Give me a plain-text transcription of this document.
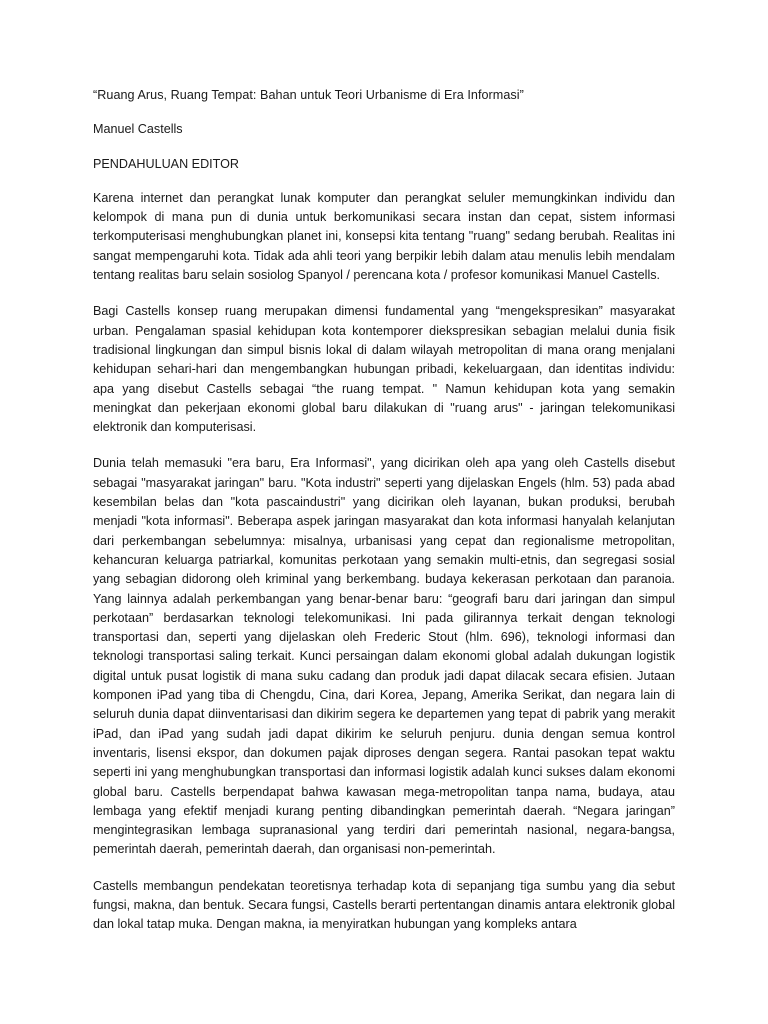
“Ruang Arus, Ruang Tempat: Bahan untuk Teori Urbanisme di Era Informasi”
Manuel Castells
PENDAHULUAN EDITOR

Karena internet dan perangkat lunak komputer dan perangkat seluler memungkinkan individu dan kelompok di mana pun di dunia untuk berkomunikasi secara instan dan cepat, sistem informasi terkomputerisasi menghubungkan planet ini, konsepsi kita tentang "ruang" sedang berubah. Realitas ini sangat mempengaruhi kota. Tidak ada ahli teori yang berpikir lebih dalam atau menulis lebih mendalam tentang realitas baru selain sosiolog Spanyol / perencana kota / profesor komunikasi Manuel Castells.

Bagi Castells konsep ruang merupakan dimensi fundamental yang “mengekspresikan” masyarakat urban. Pengalaman spasial kehidupan kota kontemporer diekspresikan sebagian melalui dunia fisik tradisional lingkungan dan simpul bisnis lokal di dalam wilayah metropolitan di mana orang menjalani kehidupan sehari-hari dan mengembangkan hubungan pribadi, kekeluargaan, dan identitas individu: apa yang disebut Castells sebagai “the ruang tempat. " Namun kehidupan kota yang semakin meningkat dan pekerjaan ekonomi global baru dilakukan di "ruang arus" - jaringan telekomunikasi elektronik dan komputerisasi.

Dunia telah memasuki "era baru, Era Informasi", yang dicirikan oleh apa yang oleh Castells disebut sebagai "masyarakat jaringan" baru. "Kota industri" seperti yang dijelaskan Engels (hlm. 53) pada abad kesembilan belas dan "kota pascaindustri" yang dicirikan oleh layanan, bukan produksi, berubah menjadi "kota informasi". Beberapa aspek jaringan masyarakat dan kota informasi hanyalah kelanjutan dari perkembangan sebelumnya: misalnya, urbanisasi yang cepat dan regionalisme metropolitan, kehancuran keluarga patriarkal, komunitas perkotaan yang semakin multi-etnis, dan segregasi sosial yang sebagian didorong oleh kriminal yang berkembang. budaya kekerasan perkotaan dan paranoia. Yang lainnya adalah perkembangan yang benar-benar baru: “geografi baru dari jaringan dan simpul perkotaan” berdasarkan teknologi telekomunikasi. Ini pada gilirannya terkait dengan teknologi transportasi dan, seperti yang dijelaskan oleh Frederic Stout (hlm. 696), teknologi informasi dan teknologi transportasi saling terkait. Kunci persaingan dalam ekonomi global adalah dukungan logistik digital untuk pusat logistik di mana suku cadang dan produk jadi dapat dilacak secara efisien. Jutaan komponen iPad yang tiba di Chengdu, Cina, dari Korea, Jepang, Amerika Serikat, dan negara lain di seluruh dunia dapat diinventarisasi dan dikirim segera ke departemen yang tepat di pabrik yang merakit iPad, dan iPad yang sudah jadi dapat dikirim ke seluruh penjuru. dunia dengan semua kontrol inventaris, lisensi ekspor, dan dokumen pajak diproses dengan segera. Rantai pasokan tepat waktu seperti ini yang menghubungkan transportasi dan informasi logistik adalah kunci sukses dalam ekonomi global baru. Castells berpendapat bahwa kawasan mega-metropolitan tanpa nama, budaya, atau lembaga yang efektif menjadi kurang penting dibandingkan pemerintah daerah. “Negara jaringan” mengintegrasikan lembaga supranasional yang terdiri dari pemerintah nasional, negara-bangsa, pemerintah daerah, pemerintah daerah, dan organisasi non-pemerintah.

Castells membangun pendekatan teoretisnya terhadap kota di sepanjang tiga sumbu yang dia sebut fungsi, makna, dan bentuk. Secara fungsi, Castells berarti pertentangan dinamis antara elektronik global dan lokal tatap muka. Dengan makna, ia menyiratkan hubungan yang kompleks antara
